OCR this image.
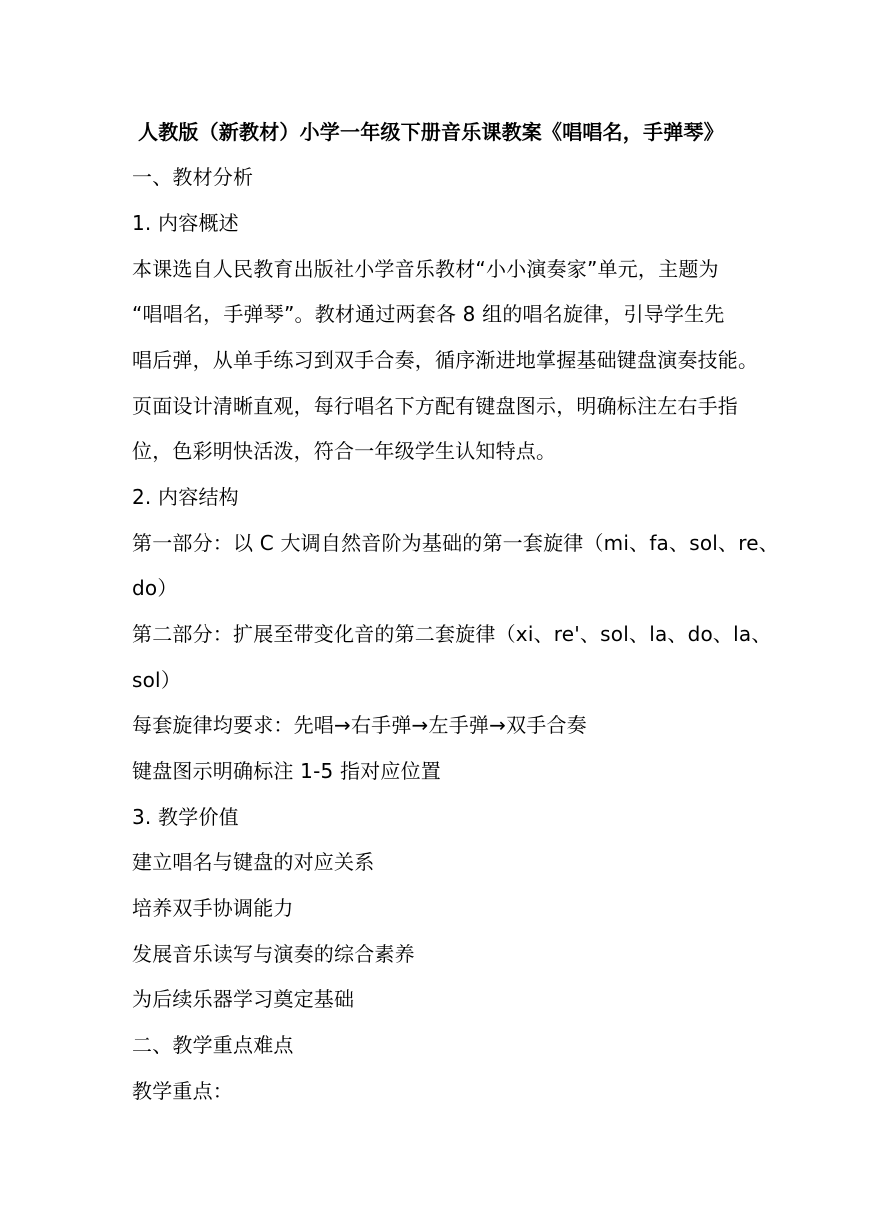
人教版（新教材）小学一年级下册音乐课教案《唱唱名，手弹琴》
一、教材分析
1. 内容概述
本课选自人民教育出版社小学音乐教材“小小演奏家”单元，主题为
“唱唱名，手弹琴”。教材通过两套各 8 组的唱名旋律，引导学生先
唱后弹，从单手练习到双手合奏，循序渐进地掌握基础键盘演奏技能。
页面设计清晰直观，每行唱名下方配有键盘图示，明确标注左右手指
位，色彩明快活泼，符合一年级学生认知特点。
2. 内容结构
第一部分：以 C 大调自然音阶为基础的第一套旋律（mi、fa、sol、re、
do）
第二部分：扩展至带变化音的第二套旋律（xi、re'、sol、la、do、la、
sol）
每套旋律均要求：先唱→右手弹→左手弹→双手合奏
键盘图示明确标注 1-5 指对应位置
3. 教学价值
建立唱名与键盘的对应关系
培养双手协调能力
发展音乐读写与演奏的综合素养
为后续乐器学习奠定基础
二、教学重点难点
教学重点：
